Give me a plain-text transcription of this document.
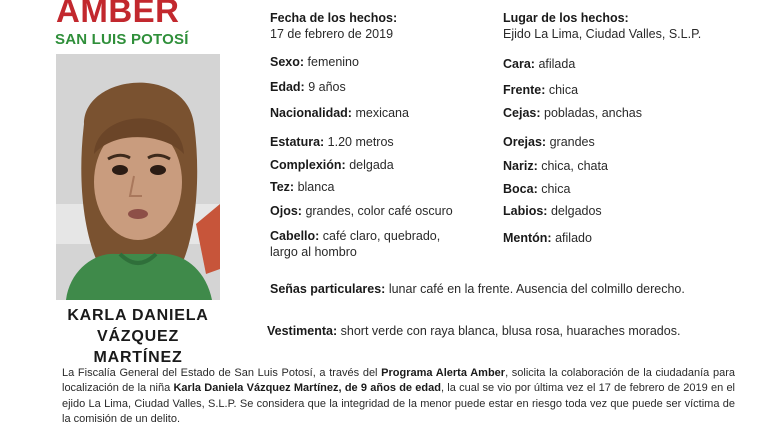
AMBER
SAN LUIS POTOSÍ
KARLA DANIELA
VÁZQUEZ MARTÍNEZ
Fecha de los hechos:
17 de febrero de 2019
Lugar de los hechos:
Ejido La Lima, Ciudad Valles, S.L.P.
Sexo: femenino
Edad: 9 años
Nacionalidad: mexicana
Estatura: 1.20 metros
Complexión: delgada
Tez: blanca
Ojos: grandes, color café oscuro
Cabello: café claro, quebrado,
largo al hombro
Cara: afilada
Frente: chica
Cejas: pobladas, anchas
Orejas: grandes
Nariz: chica, chata
Boca: chica
Labios: delgados
Mentón: afilado
Señas particulares: lunar café en la frente. Ausencia del colmillo derecho.
Vestimenta: short verde con raya blanca, blusa rosa, huaraches morados.
La Fiscalía General del Estado de San Luis Potosí, a través del Programa Alerta Amber, solicita la colaboración de la ciudadanía para localización de la niña Karla Daniela Vázquez Martínez, de 9 años de edad, la cual se vio por última vez el 17 de febrero de 2019 en el ejido La Lima, Ciudad Valles, S.L.P. Se considera que la integridad de la menor puede estar en riesgo toda vez que puede ser víctima de la comisión de un delito.
